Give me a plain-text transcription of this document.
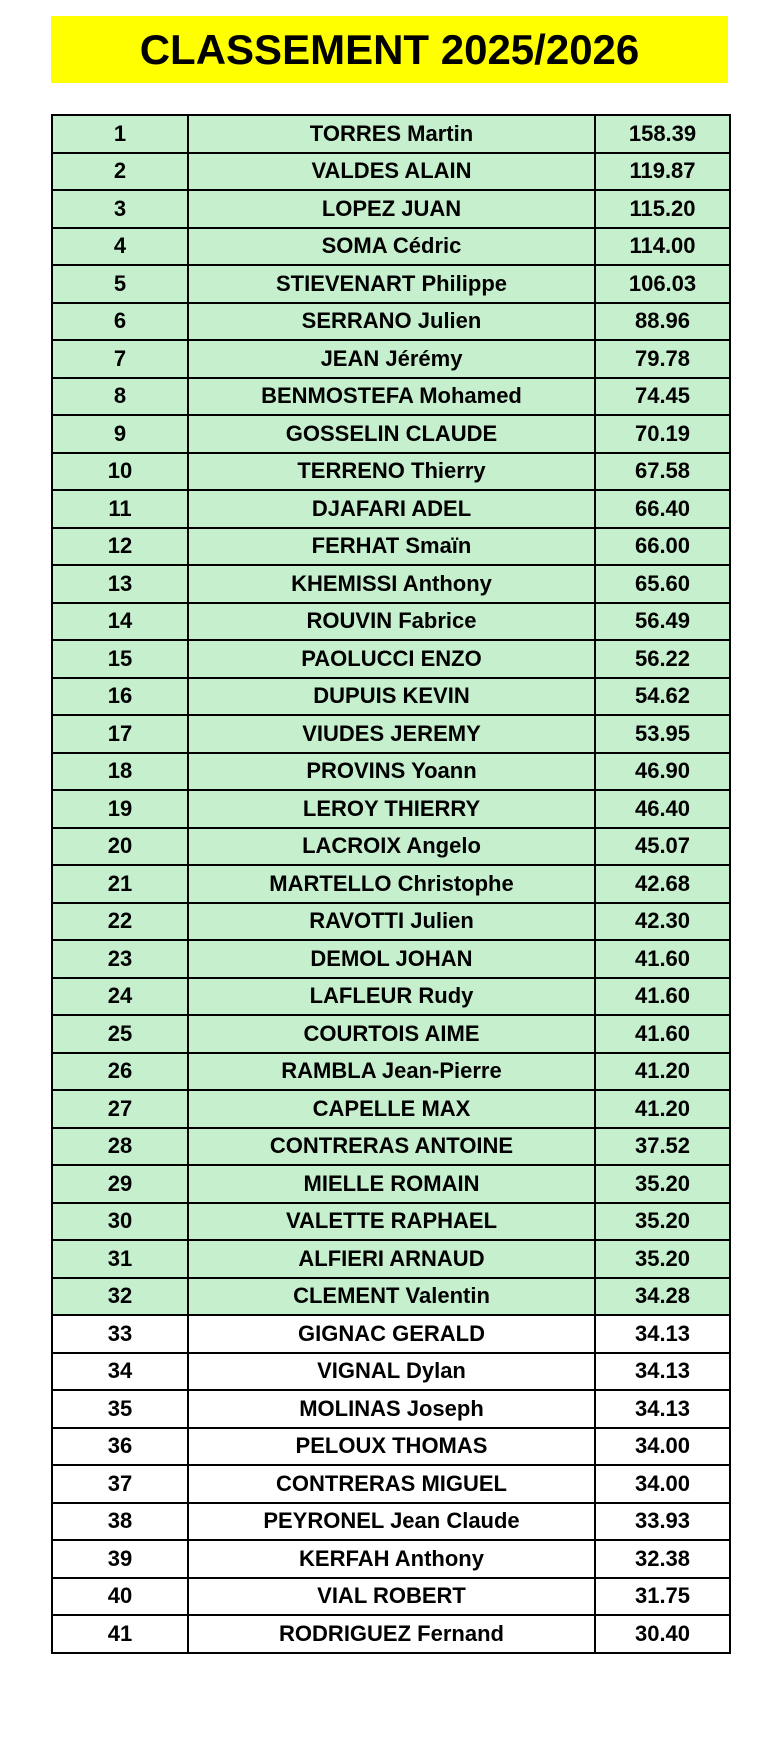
CLASSEMENT 2025/2026
1	TORRES Martin	158.39
2	VALDES ALAIN	119.87
3	LOPEZ JUAN	115.20
4	SOMA Cédric	114.00
5	STIEVENART Philippe	106.03
6	SERRANO Julien	88.96
7	JEAN Jérémy	79.78
8	BENMOSTEFA Mohamed	74.45
9	GOSSELIN CLAUDE	70.19
10	TERRENO Thierry	67.58
11	DJAFARI ADEL	66.40
12	FERHAT Smaïn	66.00
13	KHEMISSI Anthony	65.60
14	ROUVIN Fabrice	56.49
15	PAOLUCCI ENZO	56.22
16	DUPUIS KEVIN	54.62
17	VIUDES JEREMY	53.95
18	PROVINS Yoann	46.90
19	LEROY THIERRY	46.40
20	LACROIX Angelo	45.07
21	MARTELLO Christophe	42.68
22	RAVOTTI Julien	42.30
23	DEMOL JOHAN	41.60
24	LAFLEUR Rudy	41.60
25	COURTOIS AIME	41.60
26	RAMBLA Jean-Pierre	41.20
27	CAPELLE MAX	41.20
28	CONTRERAS ANTOINE	37.52
29	MIELLE ROMAIN	35.20
30	VALETTE RAPHAEL	35.20
31	ALFIERI ARNAUD	35.20
32	CLEMENT Valentin	34.28
33	GIGNAC GERALD	34.13
34	VIGNAL Dylan	34.13
35	MOLINAS Joseph	34.13
36	PELOUX THOMAS	34.00
37	CONTRERAS MIGUEL	34.00
38	PEYRONEL Jean Claude	33.93
39	KERFAH Anthony	32.38
40	VIAL ROBERT	31.75
41	RODRIGUEZ Fernand	30.40
